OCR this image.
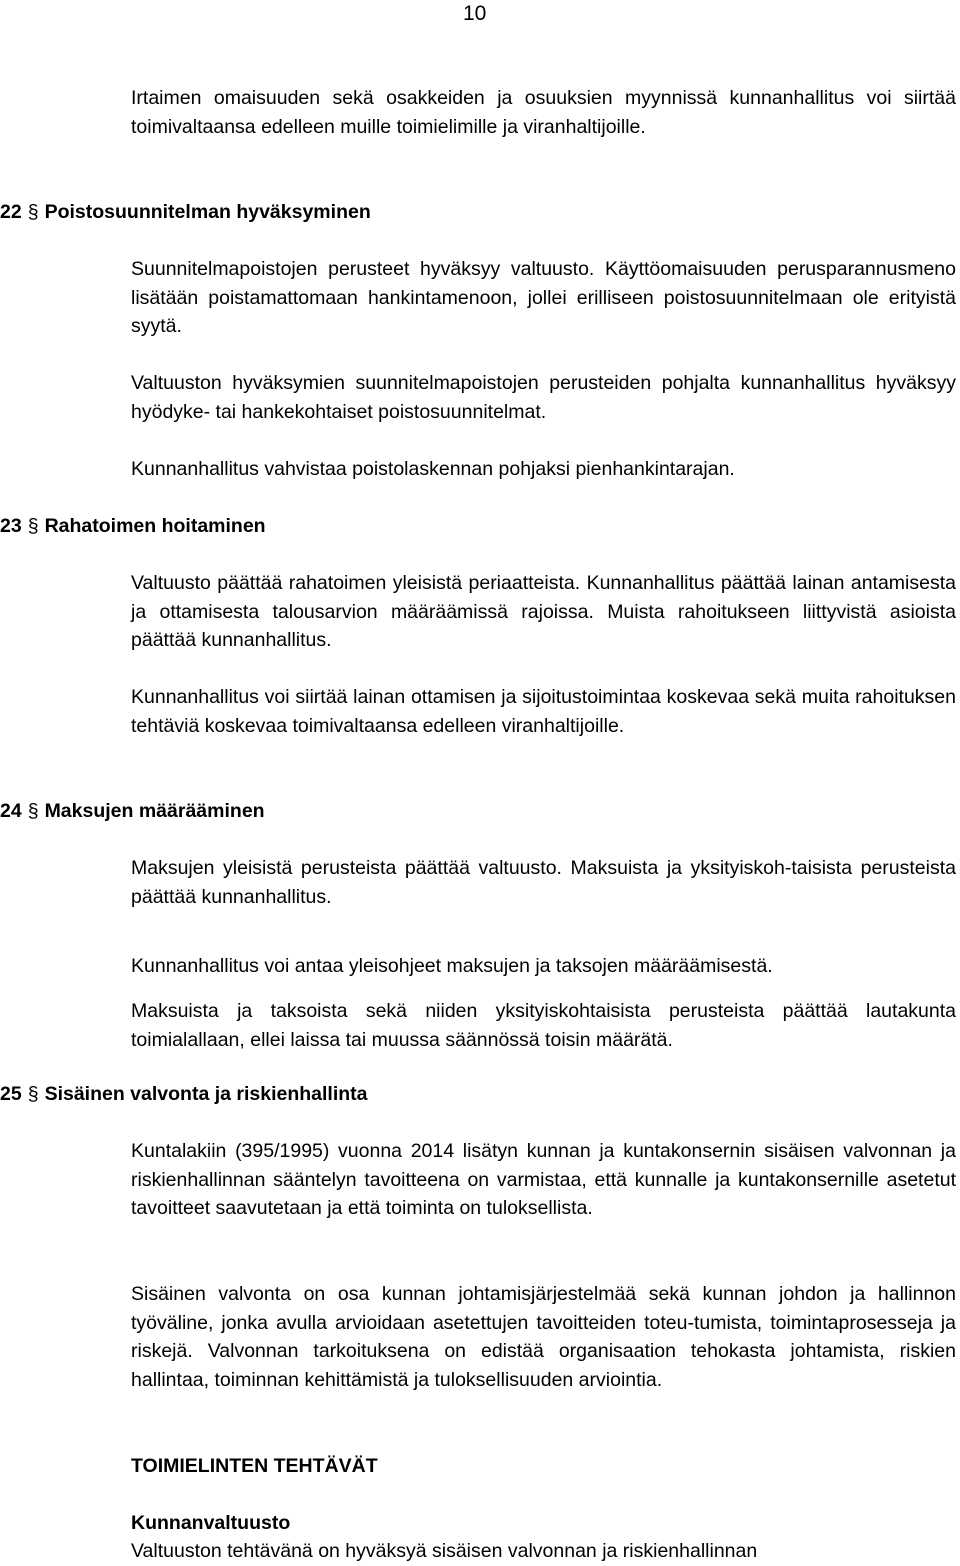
10

Irtaimen omaisuuden sekä osakkeiden ja osuuksien myynnissä kunnanhallitus voi siirtää toimivaltaansa edelleen muille toimielimille ja viranhaltijoille.

22 § Poistosuunnitelman hyväksyminen

Suunnitelmapoistojen perusteet hyväksyy valtuusto. Käyttöomaisuuden perusparannusmeno lisätään poistamattomaan hankintamenoon, jollei erilliseen poistosuunnitelmaan ole erityistä syytä.

Valtuuston hyväksymien suunnitelmapoistojen perusteiden pohjalta kunnanhallitus hyväksyy hyödyke- tai hankekohtaiset poistosuunnitelmat.

Kunnanhallitus vahvistaa poistolaskennan pohjaksi pienhankintarajan.

23 § Rahatoimen hoitaminen

Valtuusto päättää rahatoimen yleisistä periaatteista. Kunnanhallitus päättää lainan antamisesta ja ottamisesta talousarvion määräämissä rajoissa. Muista rahoitukseen liittyvistä asioista päättää kunnanhallitus.

Kunnanhallitus voi siirtää lainan ottamisen ja sijoitustoimintaa koskevaa sekä muita rahoituksen tehtäviä koskevaa toimivaltaansa edelleen viranhaltijoille.

24 § Maksujen määrääminen

Maksujen yleisistä perusteista päättää valtuusto. Maksuista ja yksityiskoh-taisista perusteista päättää kunnanhallitus.

Kunnanhallitus voi antaa yleisohjeet maksujen ja taksojen määräämisestä.

Maksuista ja taksoista sekä niiden yksityiskohtaisista perusteista päättää lautakunta toimialallaan, ellei laissa tai muussa säännössä toisin määrätä.

25 § Sisäinen valvonta ja riskienhallinta

Kuntalakiin (395/1995) vuonna 2014 lisätyn kunnan ja kuntakonsernin sisäisen valvonnan ja riskienhallinnan sääntelyn tavoitteena on varmistaa, että kunnalle ja kuntakonsernille asetetut tavoitteet saavutetaan ja että toiminta on tuloksellista.

Sisäinen valvonta on osa kunnan johtamisjärjestelmää sekä kunnan johdon ja hallinnon työväline, jonka avulla arvioidaan asetettujen tavoitteiden toteu-tumista, toimintaprosesseja ja riskejä. Valvonnan tarkoituksena on edistää organisaation tehokasta johtamista, riskien hallintaa, toiminnan kehittämistä ja tuloksellisuuden arviointia.

TOIMIELINTEN TEHTÄVÄT
Kunnanvaltuusto

Valtuuston tehtävänä on hyväksyä sisäisen valvonnan ja riskienhallinnan
